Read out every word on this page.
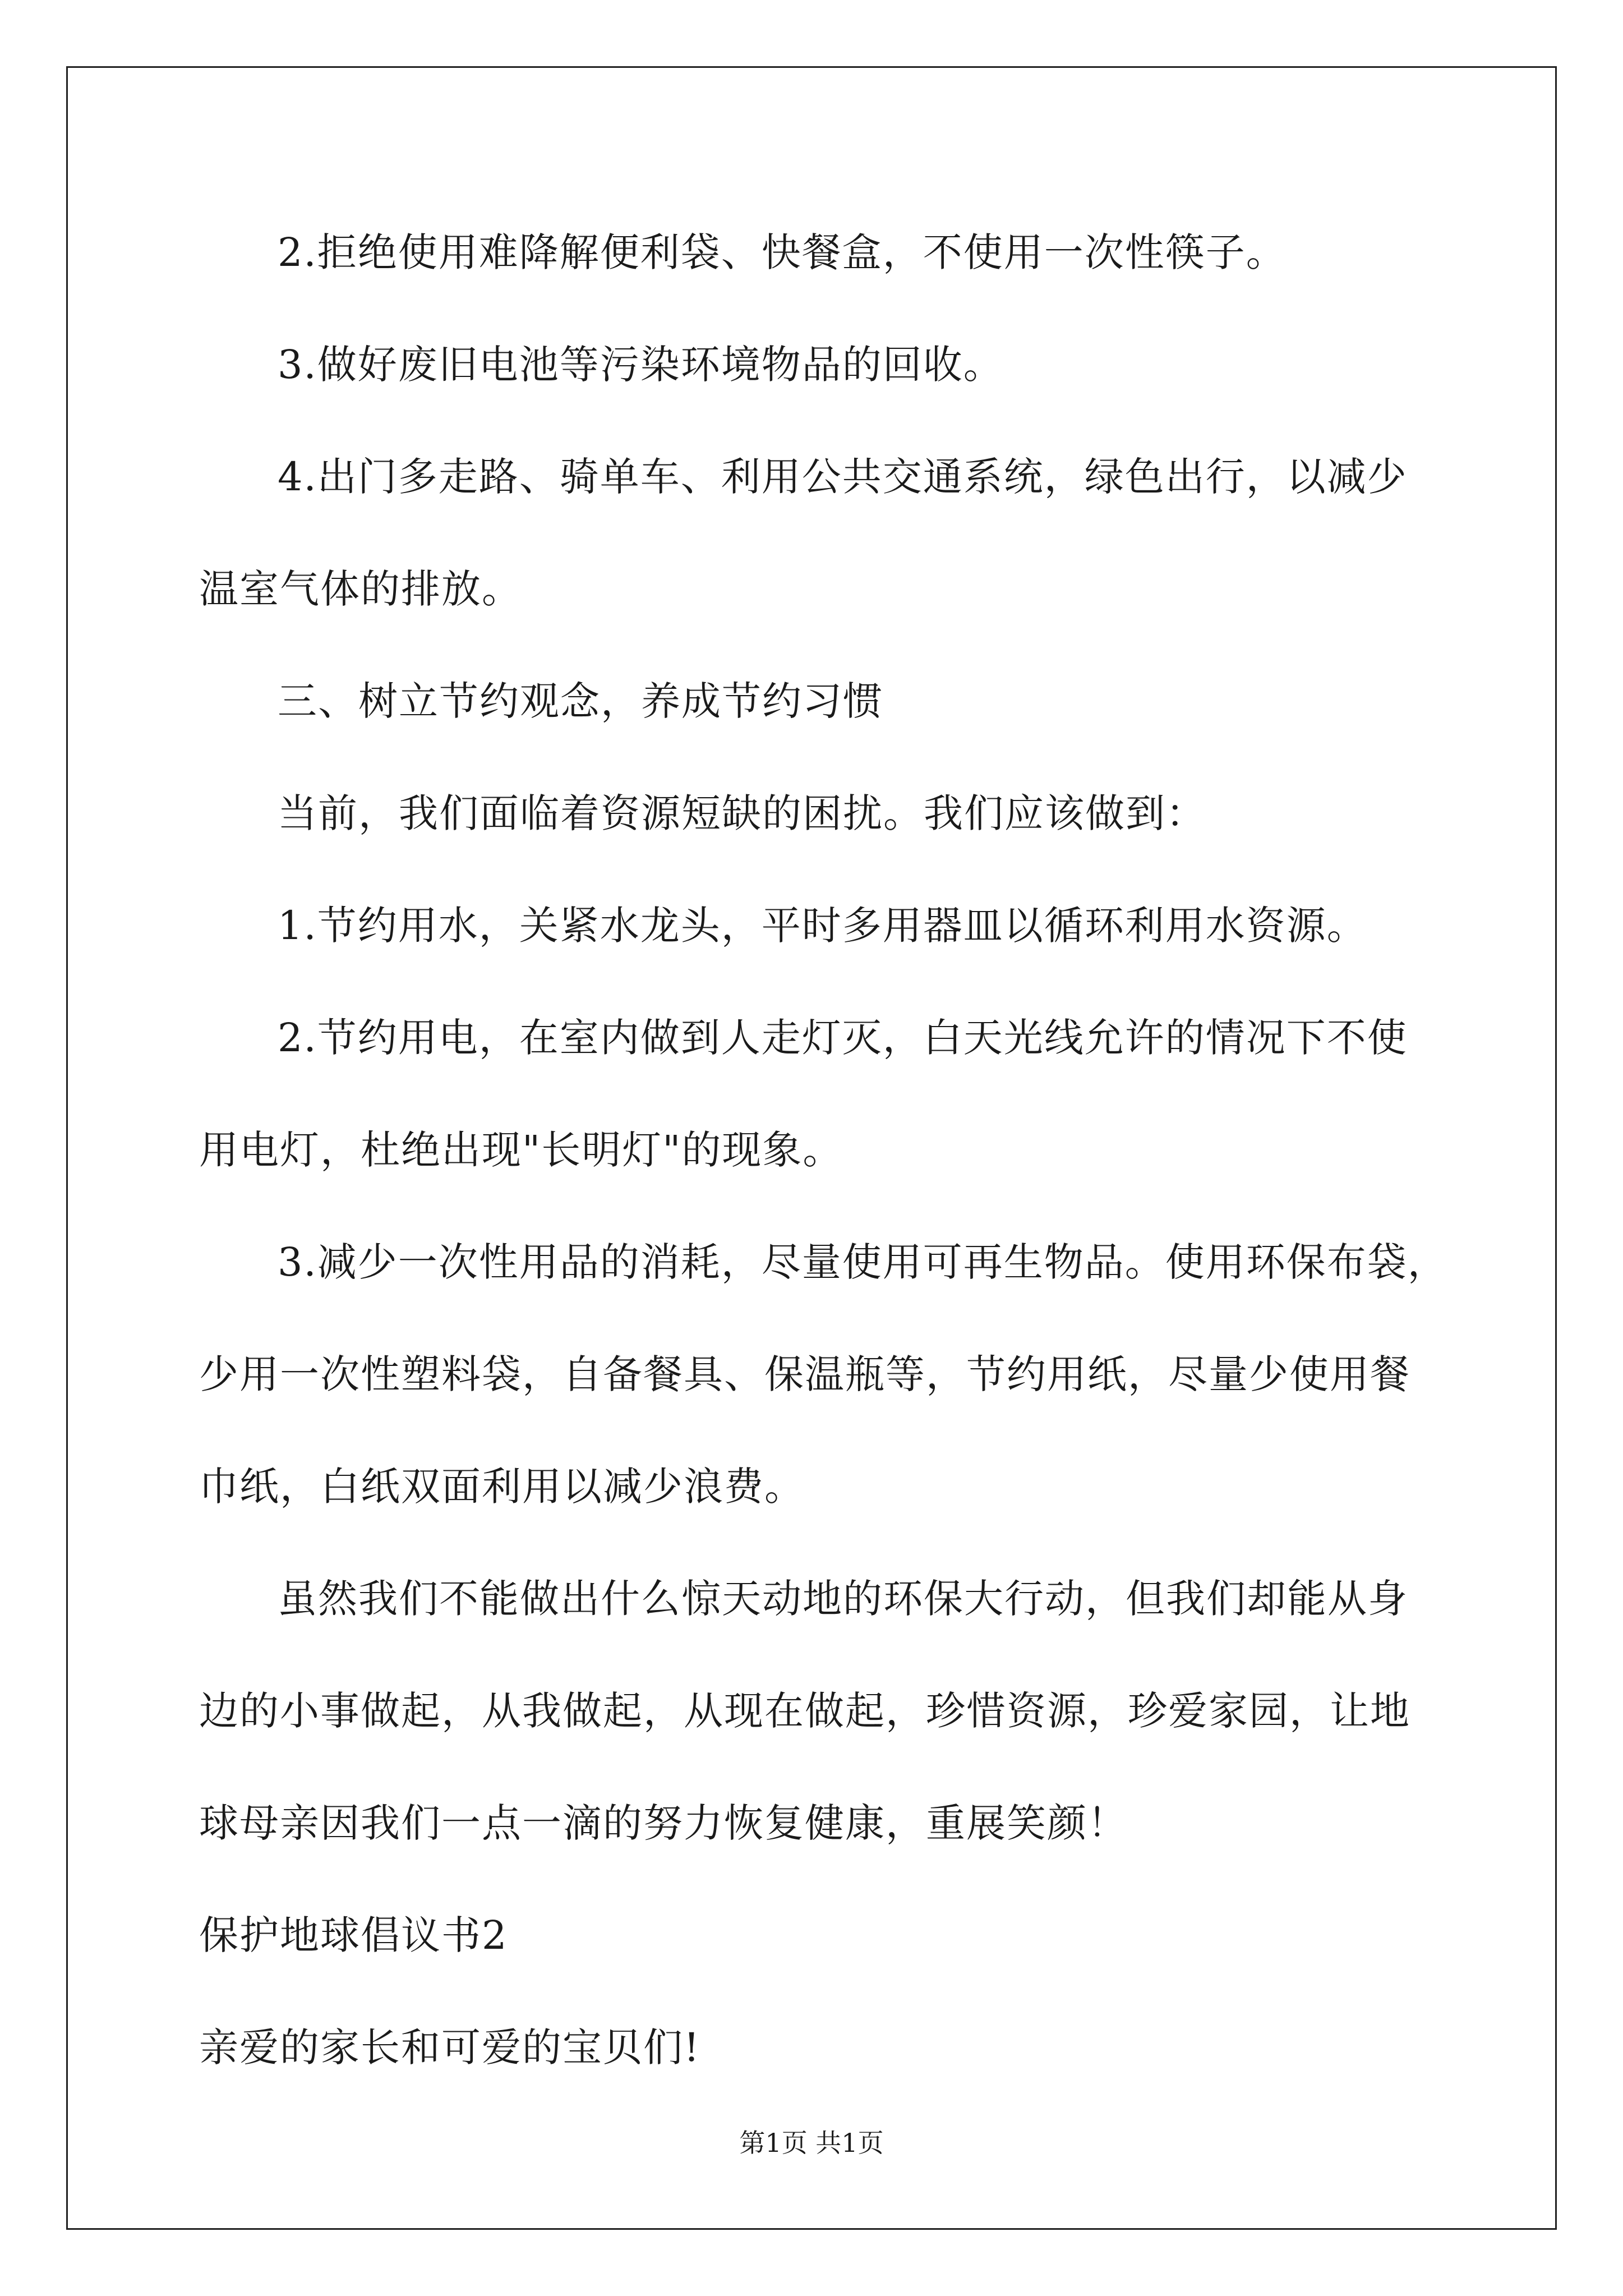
2.拒绝使用难降解便利袋、快餐盒，不使用一次性筷子。
3.做好废旧电池等污染环境物品的回收。
4.出门多走路、骑单车、利用公共交通系统，绿色出行，以减少
温室气体的排放。
三、树立节约观念，养成节约习惯
当前，我们面临着资源短缺的困扰。我们应该做到：
1.节约用水，关紧水龙头，平时多用器皿以循环利用水资源。
2.节约用电，在室内做到人走灯灭，白天光线允许的情况下不使
用电灯，杜绝出现"长明灯"的现象。
3.减少一次性用品的消耗，尽量使用可再生物品。使用环保布袋，
少用一次性塑料袋，自备餐具、保温瓶等，节约用纸，尽量少使用餐
巾纸，白纸双面利用以减少浪费。
虽然我们不能做出什么惊天动地的环保大行动，但我们却能从身
边的小事做起，从我做起，从现在做起，珍惜资源，珍爱家园，让地
球母亲因我们一点一滴的努力恢复健康，重展笑颜！
保护地球倡议书2
亲爱的家长和可爱的宝贝们!
第1页 共1页
